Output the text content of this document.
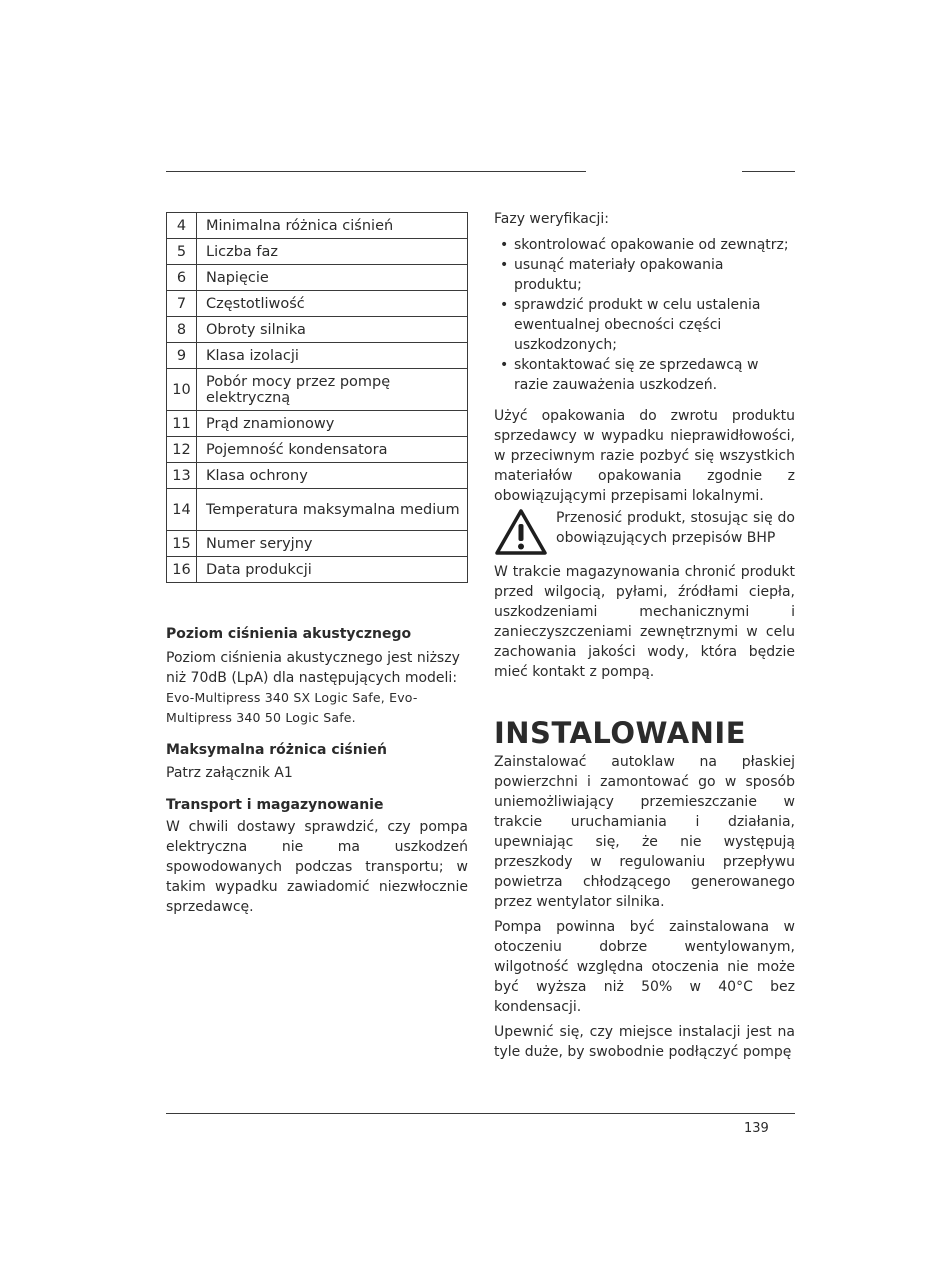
4	Minimalna różnica ciśnień
5	Liczba faz
6	Napięcie
7	Częstotliwość
8	Obroty silnika
9	Klasa izolacji
10	Pobór mocy przez pompę elektryczną
11	Prąd znamionowy
12	Pojemność kondensatora
13	Klasa ochrony
14	Temperatura maksymalna medium
15	Numer seryjny
16	Data produkcji

Poziom ciśnienia akustycznego

Poziom ciśnienia akustycznego jest niższy niż 70dB (LpA) dla następujących modeli:

Evo-Multipress 340 SX Logic Safe, Evo-Multipress 340 50 Logic Safe.

Maksymalna różnica ciśnień

Patrz załącznik A1

Transport i magazynowanie

W chwili dostawy sprawdzić, czy pompa elektryczna nie ma uszkodzeń spowodowanych podczas transportu; w takim wypadku zawiadomić niezwłocznie sprzedawcę.

Fazy weryfikacji:

• skontrolować opakowanie od zewnątrz;
• usunąć materiały opakowania produktu;
• sprawdzić produkt w celu ustalenia ewentualnej obecności części uszkodzonych;
• skontaktować się ze sprzedawcą w razie zauważenia uszkodzeń.

Użyć opakowania do zwrotu produktu sprzedawcy w wypadku nieprawidłowości, w przeciwnym razie pozbyć się wszystkich materiałów opakowania zgodnie z obowiązującymi przepisami lokalnymi.

Przenosić produkt, stosując się do obowiązujących przepisów BHP

W trakcie magazynowania chronić produkt przed wilgocią, pyłami, źródłami ciepła, uszkodzeniami mechanicznymi i zanieczyszczeniami zewnętrznymi w celu zachowania jakości wody, która będzie mieć kontakt z pompą.

INSTALOWANIE

Zainstalować autoklaw na płaskiej powierzchni i zamontować go w sposób uniemożliwiający przemieszczanie w trakcie uruchamiania i działania, upewniając się, że nie występują przeszkody w regulowaniu przepływu powietrza chłodzącego generowanego przez wentylator silnika.

Pompa powinna być zainstalowana w otoczeniu dobrze wentylowanym, wilgotność względna otoczenia nie może być wyższa niż 50% w 40°C bez kondensacji.

Upewnić się, czy miejsce instalacji jest na tyle duże, by swobodnie podłączyć pompę

139
